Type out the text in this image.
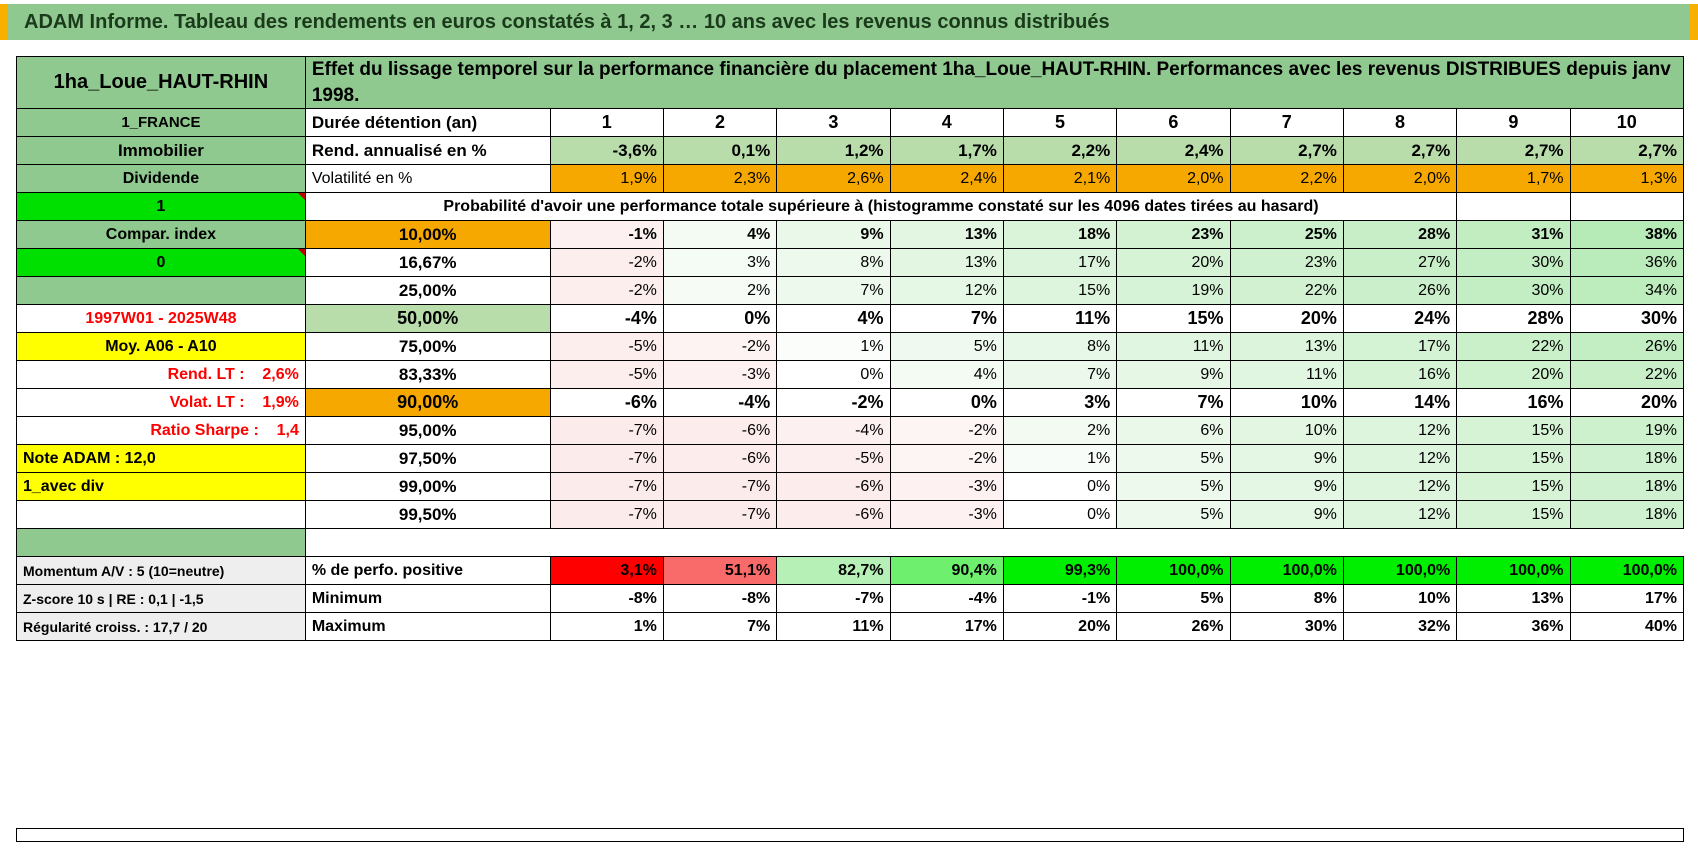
ADAM Informe. Tableau des rendements en euros constatés à 1, 2, 3 … 10 ans avec les revenus connus distribués
1ha_Loue_HAUT-RHIN	Effet du lissage temporel sur la performance financière du placement 1ha_Loue_HAUT-RHIN. Performances avec les revenus DISTRIBUES depuis janv 1998.										
1_FRANCE	Durée détention (an)	1	2	3	4	5	6	7	8	9	10
Immobilier	Rend. annualisé en %	-3,6%	0,1%	1,2%	1,7%	2,2%	2,4%	2,7%	2,7%	2,7%	2,7%
Dividende	Volatilité en %	1,9%	2,3%	2,6%	2,4%	2,1%	2,0%	2,2%	2,0%	1,7%	1,3%
1	Probabilité d'avoir une performance totale supérieure à (histogramme constaté sur les 4096 dates tirées au hasard)										
Compar. index	10,00%	-1%	4%	9%	13%	18%	23%	25%	28%	31%	38%
0	16,67%	-2%	3%	8%	13%	17%	20%	23%	27%	30%	36%
	25,00%	-2%	2%	7%	12%	15%	19%	22%	26%	30%	34%
1997W01 - 2025W48	50,00%	-4%	0%	4%	7%	11%	15%	20%	24%	28%	30%
Moy. A06 - A10	75,00%	-5%	-2%	1%	5%	8%	11%	13%	17%	22%	26%
Rend. LT : 2,6%	83,33%	-5%	-3%	0%	4%	7%	9%	11%	16%	20%	22%
Volat. LT : 1,9%	90,00%	-6%	-4%	-2%	0%	3%	7%	10%	14%	16%	20%
Ratio Sharpe : 1,4	95,00%	-7%	-6%	-4%	-2%	2%	6%	10%	12%	15%	19%
Note ADAM : 12,0	97,50%	-7%	-6%	-5%	-2%	1%	5%	9%	12%	15%	18%
1_avec div	99,00%	-7%	-7%	-6%	-3%	0%	5%	9%	12%	15%	18%
	99,50%	-7%	-7%	-6%	-3%	0%	5%	9%	12%	15%	18%

Momentum A/V : 5 (10=neutre)	% de perfo. positive	3,1%	51,1%	82,7%	90,4%	99,3%	100,0%	100,0%	100,0%	100,0%	100,0%
Z-score 10 s | RE : 0,1 | -1,5	Minimum	-8%	-8%	-7%	-4%	-1%	5%	8%	10%	13%	17%
Régularité croiss. : 17,7 / 20	Maximum	1%	7%	11%	17%	20%	26%	30%	32%	36%	40%
